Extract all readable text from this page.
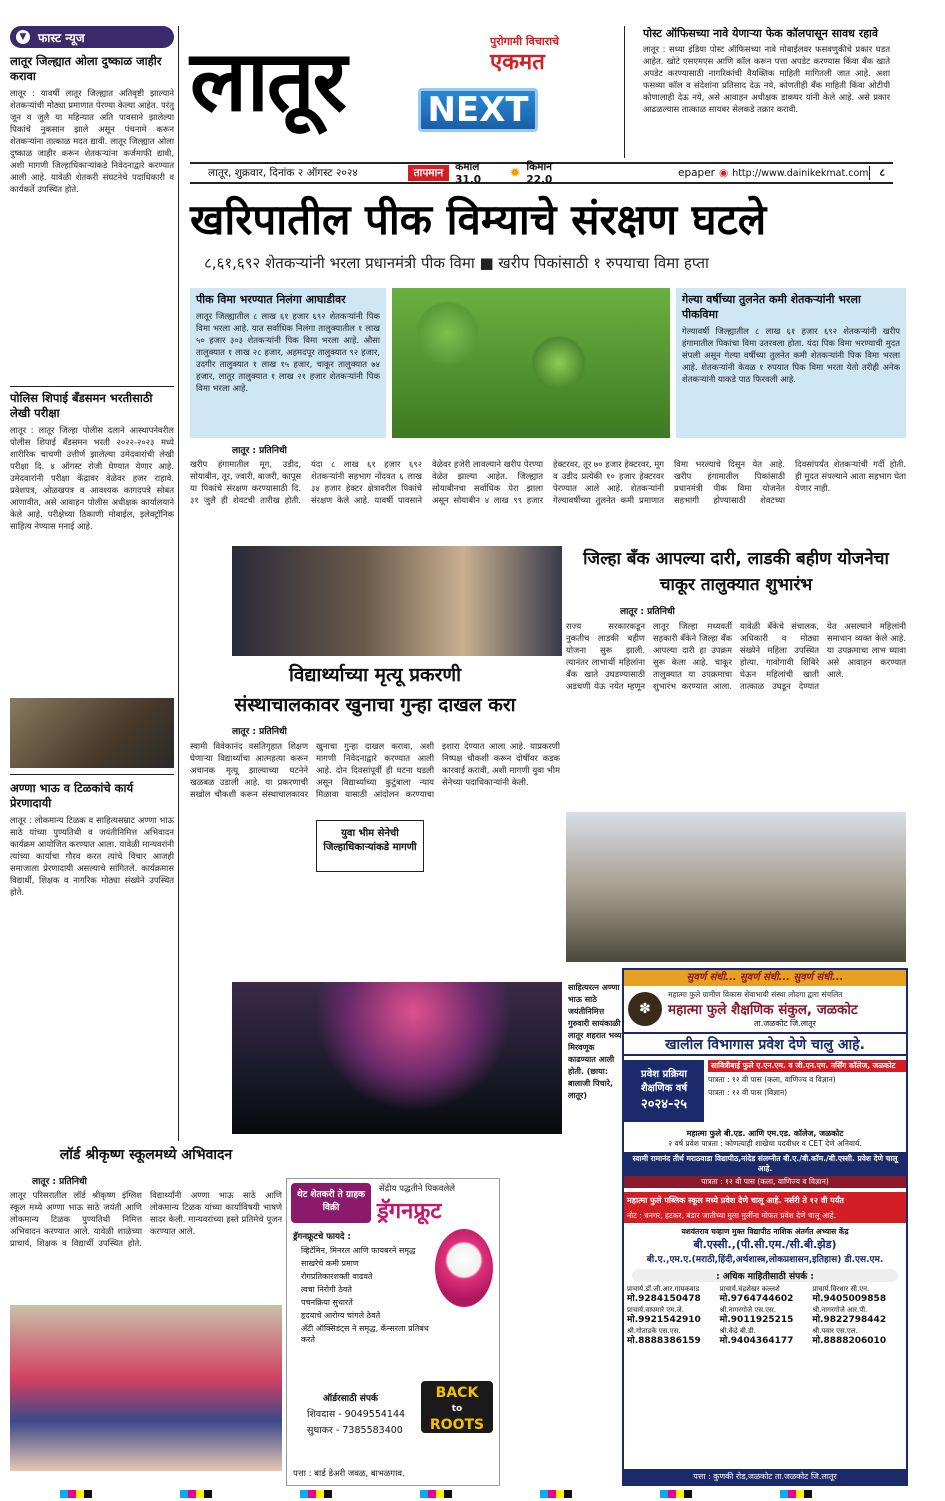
▼ फास्ट न्यूज
लातूर जिल्ह्यात ओला दुष्काळ जाहीर करावा
लातूर : यावर्षी लातूर जिल्ह्यात अतिवृष्टी झाल्याने शेतकऱ्यांची मोठ्या प्रमाणात पेरण्या केल्या आहेत. परंतु जून व जुलै या महिन्यात अति पावसाने झालेल्या पिकांचे नुकसान झाले असून पंचनामे करून शेतकऱ्यांना तात्काळ मदत द्यावी. लातूर जिल्ह्यात ओला दुष्काळ जाहीर करून शेतकऱ्यांना कर्जमाफी द्यावी, अशी मागणी जिल्हाधिकाऱ्यांकडे निवेदनाद्वारे करण्यात आली आहे. यावेळी शेतकरी संघटनेचे पदाधिकारी व कार्यकर्ते उपस्थित होते.
पोलिस शिपाई बँडसमन भरतीसाठी लेखी परीक्षा
लातूर : लातूर जिल्हा पोलीस दलाने आस्थापनेवरील पोलीस शिपाई बँडसमन भरती २०२२-२०२३ मध्ये शारीरिक चाचणी उत्तीर्ण झालेल्या उमेदवारांची लेखी परीक्षा दि. ४ ऑगस्ट रोजी घेण्यात येणार आहे. उमेदवारांनी परीक्षा केंद्रावर वेळेवर हजर राहावे. प्रवेशपत्र, ओळखपत्र व आवश्यक कागदपत्रे सोबत आणावीत, असे आवाहन पोलीस अधीक्षक कार्यालयाने केले आहे. परीक्षेच्या ठिकाणी मोबाईल, इलेक्ट्रॉनिक साहित्य नेण्यास मनाई आहे.
अण्णा भाऊ व टिळकांचे कार्य प्रेरणादायी
लातूर : लोकमान्य टिळक व साहित्यसम्राट अण्णा भाऊ साठे यांच्या पुण्यतिथी व जयंतीनिमित्त अभिवादन कार्यक्रम आयोजित करण्यात आला. यावेळी मान्यवरांनी त्यांच्या कार्याचा गौरव करत त्यांचे विचार आजही समाजाला प्रेरणादायी असल्याचे सांगितले. कार्यक्रमास विद्यार्थी, शिक्षक व नागरिक मोठ्या संख्येने उपस्थित होते.
लातूर	पुरोगामी विचाराचे
एकमत
NEXT
लातूर, शुक्रवार, दिनांक २ ऑगस्ट २०२४	तापमान	कमाल 31.0	✹ किमान 22.0
epaper ◉ http://www.dainikekmat.com	८
पोस्ट ऑफिसच्या नावे येणाऱ्या फेक कॉलपासून सावध रहावे
लातूर : सध्या इंडिया पोस्ट ऑफिसच्या नावे मोबाईलवर फसवणुकीचे प्रकार घडत आहेत. खोटे एसएमएस आणि कॉल करून पत्ता अपडेट करण्यास किंवा बँक खाते अपडेट करण्यासाठी नागरिकांची वैयक्तिक माहिती मागितली जात आहे. अशा फसव्या कॉल व संदेशांना प्रतिसाद देऊ नये, कोणतीही बँक माहिती किंवा ओटीपी कोणालाही देऊ नये, असे आवाहन अधीक्षक डाकघर यांनी केले आहे. असे प्रकार आढळल्यास तात्काळ सायबर सेलकडे तक्रार करावी.
खरिपातील पीक विम्याचे संरक्षण घटले
८,६१,६९२ शेतकऱ्यांनी भरला प्रधानमंत्री पीक विमा ■ खरीप पिकांसाठी १ रुपयाचा विमा हप्ता
पीक विमा भरण्यात निलंगा आघाडीवर
लातूर जिल्ह्यातील ८ लाख ६१ हजार ६९२ शेतकऱ्यांनी पिक विमा भरला आहे. यात सर्वाधिक निलंगा तालुक्यातील १ लाख ५० हजार ३०३ शेतकऱ्यांनी पिक विमा भरला आहे. औसा तालुक्यात १ लाख २८ हजार, अहमदपूर तालुक्यात ९२ हजार, उदगीर तालुक्यात १ लाख १५ हजार, चाकूर तालुक्यात ७४ हजार, लातूर तालुक्यात १ लाख २१ हजार शेतकऱ्यांनी पिक विमा भरला आहे.
गेल्या वर्षीच्या तुलनेत कमी शेतकऱ्यांनी भरला पीकविमा
गेल्यावर्षी जिल्ह्यातील ८ लाख ६१ हजार ६९२ शेतकऱ्यांनी खरीप हंगामातील पिकांचा विमा उतरवला होता. यंदा पिक विमा भरण्याची मुदत संपली असून गेल्या वर्षीच्या तुलनेत कमी शेतकऱ्यांनी पिक विमा भरला आहे. शेतकऱ्यांनी केवळ १ रुपयात पिक विमा भरता येतो तरीही अनेक शेतकऱ्यांनी याकडे पाठ फिरवली आहे.
लातूर : प्रतिनिधी
खरीप हंगामातील मूग, उडीद, सोयाबीन, तूर, ज्वारी, बाजरी, कापूस या पिकांचे संरक्षण करण्यासाठी दि. ३१ जुलै ही शेवटची तारीख होती. यंदा ८ लाख ६१ हजार ६९२ शेतकऱ्यांनी सहभाग नोंदवत ६ लाख ३४ हजार हेक्टर क्षेत्रावरील पिकांचे संरक्षण केले आहे. यावर्षी पावसाने वेळेवर हजेरी लावल्याने खरीप पेरण्या वेळेत झाल्या आहेत. जिल्ह्यात सोयाबीनचा सर्वाधिक पेरा झाला असून सोयाबीन ४ लाख ९९ हजार हेक्टरवर, तूर ७० हजार हेक्टरवर, मूग व उडीद प्रत्येकी १० हजार हेक्टरवर पेरण्यात आले आहे. शेतकऱ्यांनी गेल्यावर्षीच्या तुलनेत कमी प्रमाणात विमा भरल्याचे दिसून येत आहे. खरीप हंगामातील पिकांसाठी प्रधानमंत्री पीक विमा योजनेत सहभागी होण्यासाठी शेवटच्या दिवसांपर्यंत शेतकऱ्यांची गर्दी होती. ही मुदत संपल्याने आता सहभाग घेता येणार नाही.
जिल्हा बँक आपल्या दारी, लाडकी बहीण योजनेचा चाकूर तालुक्यात शुभारंभ
लातूर : प्रतिनिधी
राज्य सरकारकडून नुकतीच लाडकी बहीण योजना सुरू झाली. त्यानंतर लाभार्थी महिलांना बँक खाते उघडण्यासाठी अडचणी येऊ नयेत म्हणून लातूर जिल्हा मध्यवर्ती सहकारी बँकेने जिल्हा बँक आपल्या दारी हा उपक्रम सुरू केला आहे. चाकूर तालुक्यात या उपक्रमाचा शुभारंभ करण्यात आला. यावेळी बँकेचे संचालक, अधिकारी व मोठ्या संख्येने महिला उपस्थित होत्या. गावोगावी शिबिरे घेऊन महिलांची खाती तात्काळ उघडून देण्यात येत असल्याने महिलांनी समाधान व्यक्त केले आहे. या उपक्रमाचा लाभ घ्यावा असे आवाहन करण्यात आले.
विद्यार्थ्याच्या मृत्यू प्रकरणी
संस्थाचालकावर खुनाचा गुन्हा दाखल करा
लातूर : प्रतिनिधी
स्वामी विवेकानंद वसतिगृहात शिक्षण घेणाऱ्या विद्यार्थ्याचा आत्महत्या करून अचानक मृत्यू झाल्याच्या घटनेने खळबळ उडाली आहे. या प्रकरणाची सखोल चौकशी करून संस्थाचालकावर खुनाचा गुन्हा दाखल करावा, अशी मागणी निवेदनाद्वारे करण्यात आली आहे. दोन दिवसांपूर्वी ही घटना घडली असून विद्यार्थ्याच्या कुटुंबाला न्याय मिळावा यासाठी आंदोलन करण्याचा इशारा देण्यात आला आहे. याप्रकरणी निष्पक्ष चौकशी करून दोषींवर कडक कारवाई करावी, अशी मागणी युवा भीम सेनेच्या पदाधिकाऱ्यांनी केली.
युवा भीम सेनेची जिल्हाधिकाऱ्यांकडे मागणी
साहित्यरत्न अण्णा भाऊ साठे जयंतीनिमित्त गुरुवारी सायंकाळी लातूर शहरात भव्य मिरवणूक काढण्यात आली होती. (छाया: बालाजी पिचारे, लातूर)
सुवर्ण संधी... सुवर्ण संधी... सुवर्ण संधी...
✽
महात्मा फुले ग्रामीण विकास सेवाभावी संस्था लोदगा द्वारा संचलित
महात्मा फुले शैक्षणिक संकुल, जळकोट
ता.जळकोट जि.लातूर
खालील विभागास प्रवेश देणे चालु आहे.
प्रवेश प्रक्रिया शैक्षणिक वर्ष
२०२४-२५
सावित्रीबाई फुले ए.एन.एम. व जी.एन.एम. नर्सिंग कॉलेज, जळकोट
पात्रता : १२ वी पास (कला, वाणिज्य व विज्ञान)
पात्रता : १२ वी पास (विज्ञान)
महात्मा फुले बी.एड. आणि एम.एड. कॉलेज, जळकोट
२ वर्ष प्रवेश पात्रता : कोणत्याही शाखेचा पदवीधर व CET देणे अनिवार्य.
स्वामी रामानंद तीर्थ मराठवाडा विद्यापीठ,नांदेड संलग्नीत बी.ए./बी.कॉम./बी.एस्सी. प्रवेश देणे चालू आहे.
पात्रता : १२ वी पास (कला, वाणिज्य व विज्ञान)
महात्मा फुले पब्लिक स्कूल मध्ये प्रवेश देणे चालू आहे. नर्सरी ते १२ वी पर्यंत
नोट : धनगर, हटकर, बंडार जातीच्या मुला मुलींना मोफत प्रवेश देणे चालू आहे.
यशवंतराव चव्हाण मुक्त विद्यापीठ नाशिक अंतर्गत अभ्यास केंद्र
बी.एस्सी.,(पी.सी.एम./सी.बी.झेड)
बी.ए.,एम.ए.(मराठी,हिंदी,अर्थशास्त्र,लोकप्रशासन,इतिहास) डी.एस.एम.
: अधिक माहितीसाठी संपर्क :
प्राचार्य.डॉ.जी.आर.गायकवाड
मो.9284150478
प्राचार्य.चंद्रशेखर कल्लशे
मो.9764744602
प्राचार्य.विरधार सी.एन.
मो.9405009858
प्राचार्य.वाघमारे एम.जे.
मो.9921542910
श्री.नागरगोजे एस.एस.
मो.9011925215
श्री.नागरगोजे आर.पी.
मो.9822798442
श्री.गोताडके एस.एस.
मो.8888386159
श्री.केंद्रे बी.डी.
मो.9404364177
श्री.पवार एस.एल.
मो.8888206010
पत्ता : कुणकी रोड,जळकोट ता.जळकोट जि.लातूर
लॉर्ड श्रीकृष्ण स्कूलमध्ये अभिवादन
लातूर : प्रतिनिधी
लातूर परिसरातील लॉर्ड श्रीकृष्ण इंग्लिश स्कूल मध्ये अण्णा भाऊ साठे जयंती आणि लोकमान्य टिळक पुण्यतिथी निमित्त अभिवादन करण्यात आले. यावेळी शाळेच्या प्राचार्य, शिक्षक व विद्यार्थी उपस्थित होते. विद्यार्थ्यांनी अण्णा भाऊ साठे आणि लोकमान्य टिळक यांच्या कार्याविषयी भाषणे सादर केली. मान्यवरांच्या हस्ते प्रतिमेचे पूजन करण्यात आले.
थेट शेतकरी ते ग्राहक विक्री
सेंद्रीय पद्धतीने पिकवलेले
ड्रॅगनफ्रूट
ड्रॅगनफ्रूटचे फायदे :
व्हिटॅमिन, मिनरल आणि फायबरने समृद्ध
साखरेचे कमी प्रमाण
रोगप्रतिकारशक्ती वाढवते
त्वचा निरोगी ठेवते
पचनक्रिया सुधारते
हृदयाचे आरोग्य चांगले ठेवते
अँटी ऑक्सिडंट्स ने समृद्ध, कॅन्सरला प्रतिबंध करते
ऑर्डरसाठी संपर्क
शिवदास - 9049554144
सुधाकर - 7385583400
पत्ता : बार्ड डेअरी जवळ, बाभळगाव.
BACK
to
ROOTS
